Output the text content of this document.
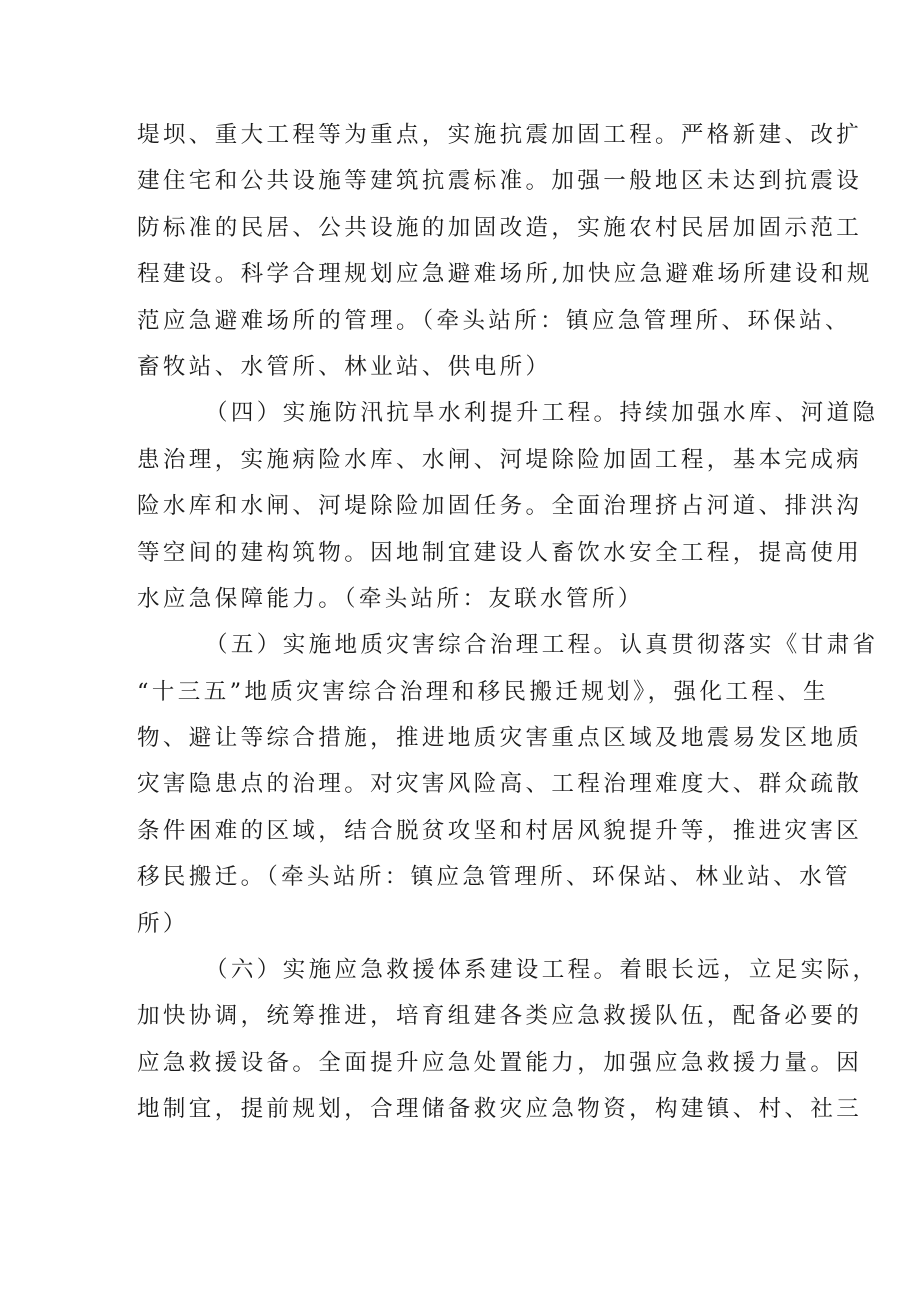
堤坝、重大工程等为重点，实施抗震加固工程。严格新建、改扩
建住宅和公共设施等建筑抗震标准。加强一般地区未达到抗震设
防标准的民居、公共设施的加固改造，实施农村民居加固示范工
程建设。科学合理规划应急避难场所,加快应急避难场所建设和规
范应急避难场所的管理。（牵头站所：镇应急管理所、环保站、
畜牧站、水管所、林业站、供电所）
（四）实施防汛抗旱水利提升工程。持续加强水库、河道隐
患治理，实施病险水库、水闸、河堤除险加固工程，基本完成病
险水库和水闸、河堤除险加固任务。全面治理挤占河道、排洪沟
等空间的建构筑物。因地制宜建设人畜饮水安全工程，提高使用
水应急保障能力。（牵头站所：友联水管所）
（五）实施地质灾害综合治理工程。认真贯彻落实《甘肃省
“十三五”地质灾害综合治理和移民搬迁规划》，强化工程、生
物、避让等综合措施，推进地质灾害重点区域及地震易发区地质
灾害隐患点的治理。对灾害风险高、工程治理难度大、群众疏散
条件困难的区域，结合脱贫攻坚和村居风貌提升等，推进灾害区
移民搬迁。（牵头站所：镇应急管理所、环保站、林业站、水管
所）
（六）实施应急救援体系建设工程。着眼长远，立足实际，
加快协调，统筹推进，培育组建各类应急救援队伍，配备必要的
应急救援设备。全面提升应急处置能力，加强应急救援力量。因
地制宜，提前规划，合理储备救灾应急物资，构建镇、村、社三
